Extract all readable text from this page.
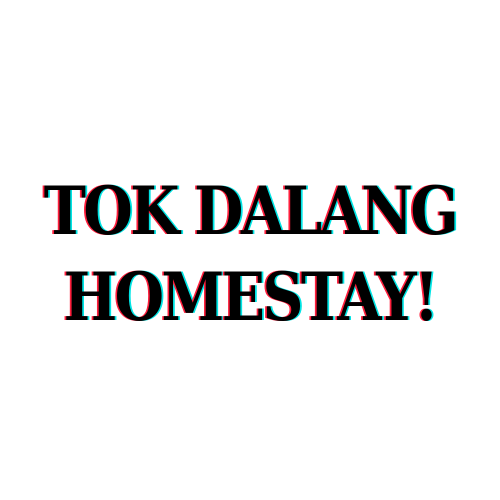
TOK DALANG
HOMESTAY!
